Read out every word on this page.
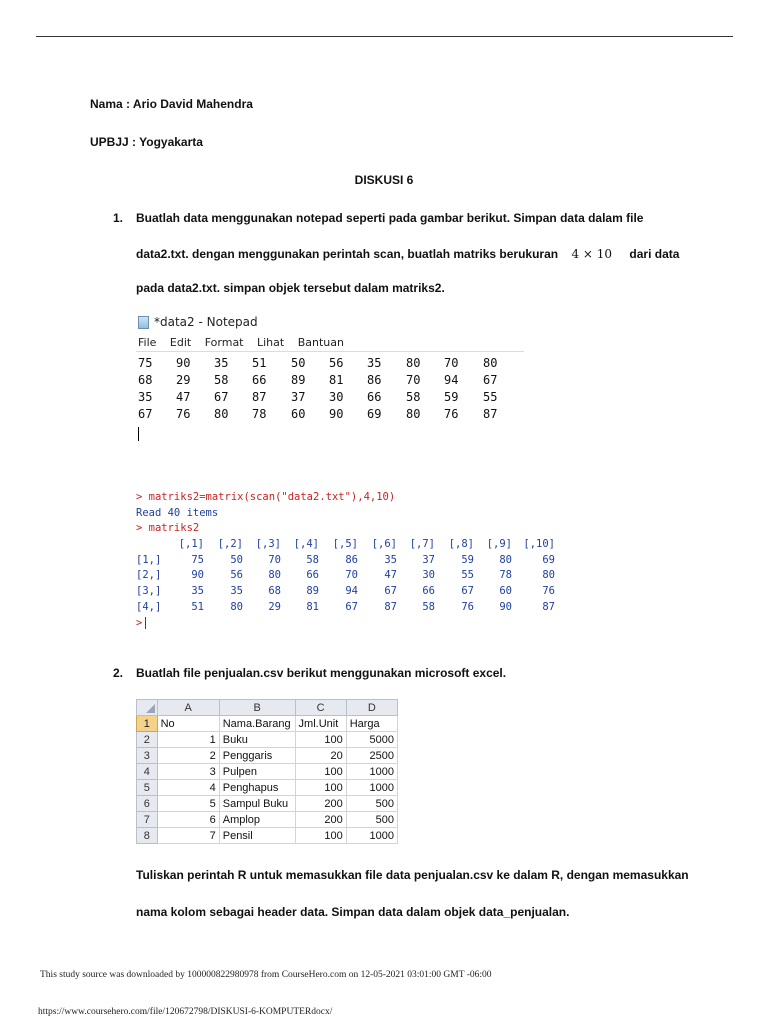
Nama : Ario David Mahendra
UPBJJ : Yogyakarta
DISKUSI 6
1. Buatlah data menggunakan notepad seperti pada gambar berikut. Simpan data dalam file
data2.txt. dengan menggunakan perintah scan, buatlah matriks berukuran 4 × 10 dari data
pada data2.txt. simpan objek tersebut dalam matriks2.
*data2 - Notepad
File Edit Format Lihat Bantuan
75 90 35 51 50 56 35 80 70 80
68 29 58 66 89 81 86 70 94 67
35 47 67 87 37 30 66 58 59 55
67 76 80 78 60 90 69 80 76 87
> matriks2=matrix(scan("data2.txt"),4,10)
Read 40 items
> matriks2
[,1] [,2] [,3] [,4] [,5] [,6] [,7] [,8] [,9] [,10]
[1,]	75	50 70 58	86	35 37	59 80	69
[2,]	90	56 80 66	70	47 30	55 78	80
[3,]	35	35 68 89	94	67 66	67 60	76
[4,]	51	80 29 81	67	87 58	76 90	87
>
2. Buatlah file penjualan.csv berikut menggunakan microsoft excel.
	A	B	C	D
1	No	Nama.Barang	Jml.Unit	Harga
2	1	Buku	100	5000
3	2	Penggaris	20	2500
4	3	Pulpen	100	1000
5	4	Penghapus	100	1000
6	5	Sampul Buku	200	500
7	6	Amplop	200	500
8	7	Pensil	100	1000
Tuliskan perintah R untuk memasukkan file data penjualan.csv ke dalam R, dengan memasukkan
nama kolom sebagai header data. Simpan data dalam objek data_penjualan.
This study source was downloaded by 100000822980978 from CourseHero.com on 12-05-2021 03:01:00 GMT -06:00
https://www.coursehero.com/file/120672798/DISKUSI-6-KOMPUTERdocx/
